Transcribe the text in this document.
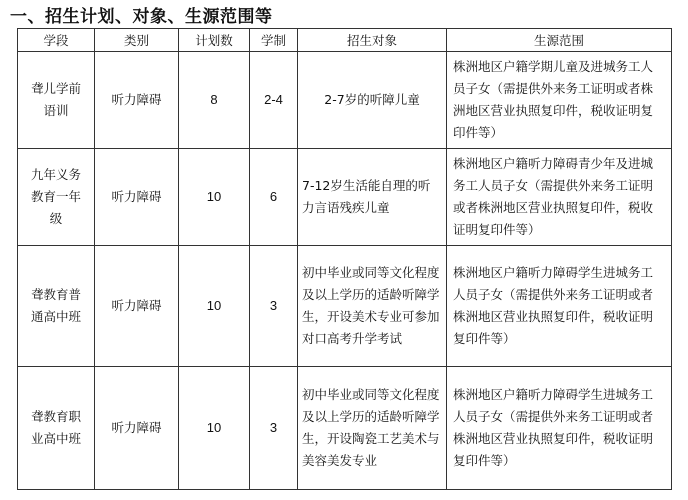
一、招生计划、对象、生源范围等
学段	类别	计划数	学制	招生对象	生源范围
聋儿学前语训	听力障碍	8	2-4	2-7岁的听障儿童	株洲地区户籍学期儿童及进城务工人员子女（需提供外来务工证明或者株洲地区营业执照复印件，税收证明复印件等）
九年义务教育一年级	听力障碍	10	6	7-12岁生活能自理的听力言语残疾儿童	株洲地区户籍听力障碍青少年及进城务工人员子女（需提供外来务工证明或者株洲地区营业执照复印件，税收证明复印件等）
聋教育普通高中班	听力障碍	10	3	初中毕业或同等文化程度及以上学历的适龄听障学生，开设美术专业可参加对口高考升学考试	株洲地区户籍听力障碍学生进城务工人员子女（需提供外来务工证明或者株洲地区营业执照复印件，税收证明复印件等）
聋教育职业高中班	听力障碍	10	3	初中毕业或同等文化程度及以上学历的适龄听障学生，开设陶瓷工艺美术与美容美发专业	株洲地区户籍听力障碍学生进城务工人员子女（需提供外来务工证明或者株洲地区营业执照复印件，税收证明复印件等）
